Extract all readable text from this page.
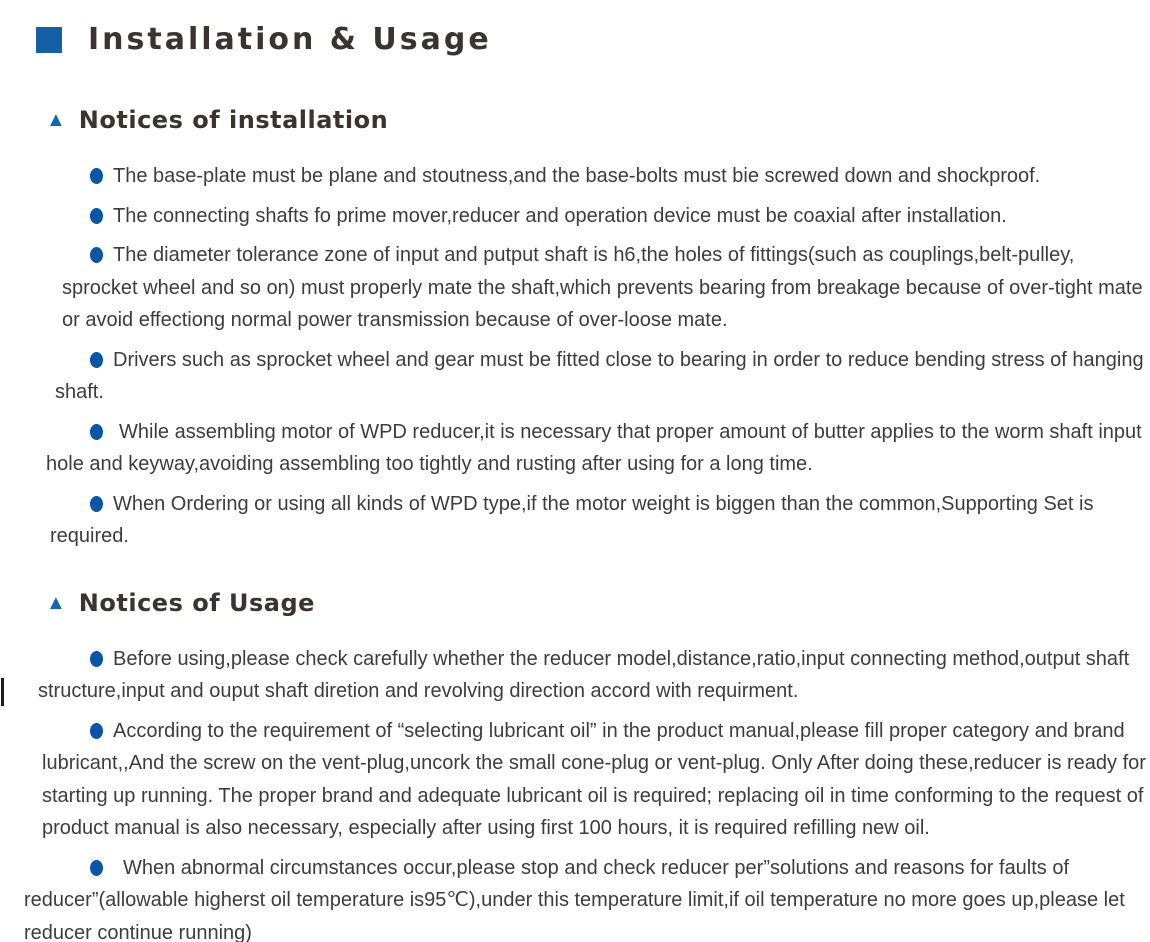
Installation & Usage
▲ Notices of installation

The base-plate must be plane and stoutness,and the base-bolts must bie screwed down and shockproof.

The connecting shafts fo prime mover,reducer and operation device must be coaxial after installation.

The diameter tolerance zone of input and putput shaft is h6,the holes of fittings(such as couplings,belt-pulley, sprocket wheel and so on) must properly mate the shaft,which prevents bearing from breakage because of over-tight mate or avoid effectiong normal power transmission because of over-loose mate.

Drivers such as sprocket wheel and gear must be fitted close to bearing in order to reduce bending stress of hanging shaft.

While assembling motor of WPD reducer,it is necessary that proper amount of butter applies to the worm shaft input hole and keyway,avoiding assembling too tightly and rusting after using for a long time.

When Ordering or using all kinds of WPD type,if the motor weight is biggen than the common,Supporting Set is required.

▲ Notices of Usage

Before using,please check carefully whether the reducer model,distance,ratio,input connecting method,output shaft structure,input and ouput shaft diretion and revolving direction accord with requirment.

According to the requirement of “selecting lubricant oil” in the product manual,please fill proper category and brand lubricant,,And the screw on the vent-plug,uncork the small cone-plug or vent-plug. Only After doing these,reducer is ready for starting up running. The proper brand and adequate lubricant oil is required; replacing oil in time conforming to the request of product manual is also necessary, especially after using first 100 hours, it is required refilling new oil.

When abnormal circumstances occur,please stop and check reducer per”solutions and reasons for faults of reducer”(allowable higherst oil temperature is95℃),under this temperature limit,if oil temperature no more goes up,please let reducer continue running)
